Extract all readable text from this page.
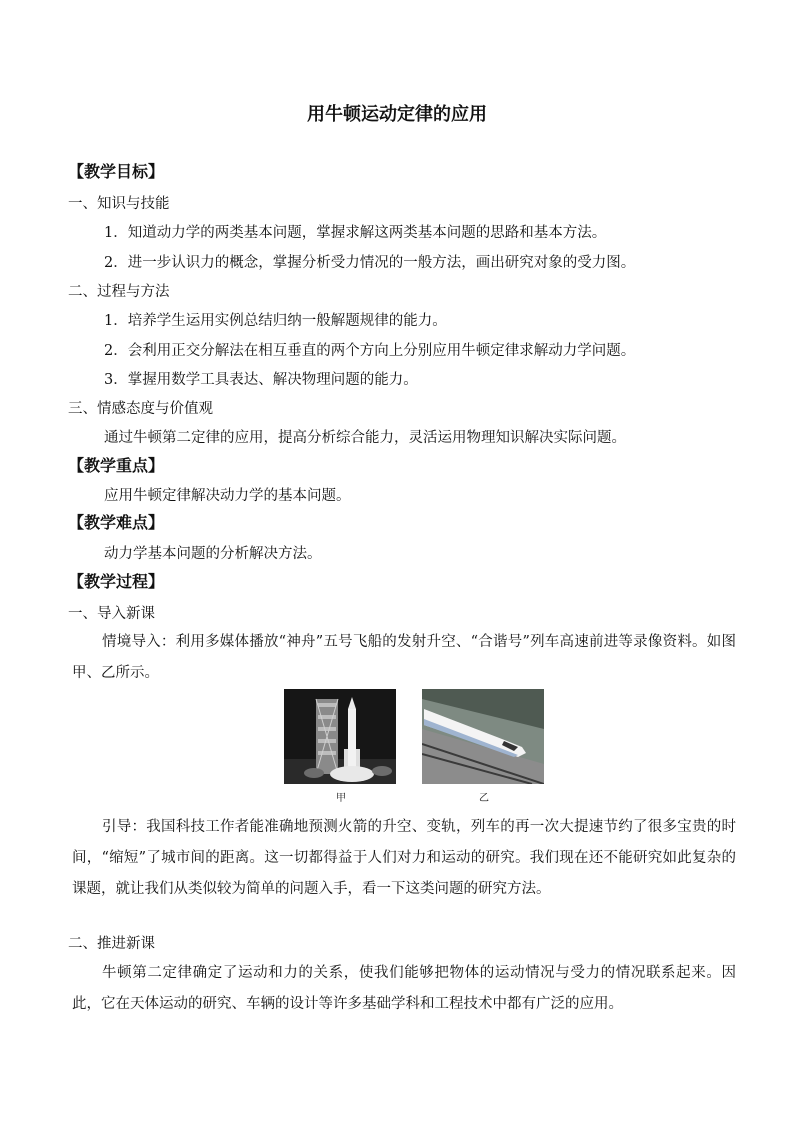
用牛顿运动定律的应用
【教学目标】
一、知识与技能
1．知道动力学的两类基本问题，掌握求解这两类基本问题的思路和基本方法。
2．进一步认识力的概念，掌握分析受力情况的一般方法，画出研究对象的受力图。
二、过程与方法
1．培养学生运用实例总结归纳一般解题规律的能力。
2．会利用正交分解法在相互垂直的两个方向上分别应用牛顿定律求解动力学问题。
3．掌握用数学工具表达、解决物理问题的能力。
三、情感态度与价值观
通过牛顿第二定律的应用，提高分析综合能力，灵活运用物理知识解决实际问题。
【教学重点】
应用牛顿定律解决动力学的基本问题。
【教学难点】
动力学基本问题的分析解决方法。
【教学过程】
一、导入新课
情境导入：利用多媒体播放“神舟”五号飞船的发射升空、“合谐号”列车高速前进等录像资料。如图甲、乙所示。
甲	乙
引导：我国科技工作者能准确地预测火箭的升空、变轨，列车的再一次大提速节约了很多宝贵的时间，“缩短”了城市间的距离。这一切都得益于人们对力和运动的研究。我们现在还不能研究如此复杂的课题，就让我们从类似较为简单的问题入手，看一下这类问题的研究方法。
二、推进新课
牛顿第二定律确定了运动和力的关系，使我们能够把物体的运动情况与受力的情况联系起来。因此，它在天体运动的研究、车辆的设计等许多基础学科和工程技术中都有广泛的应用。
